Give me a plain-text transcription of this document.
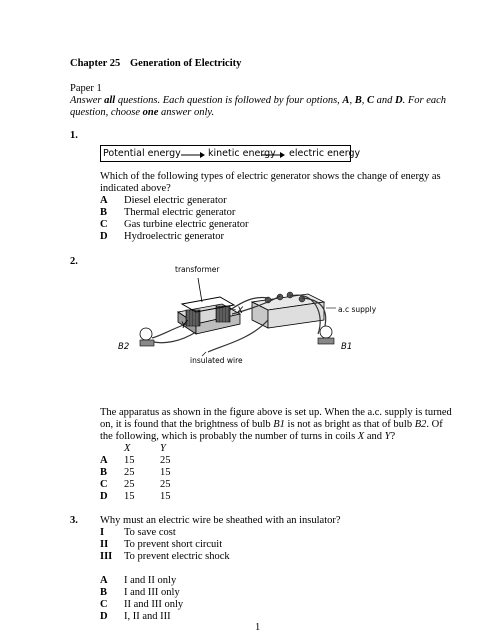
Chapter 25 Generation of Electricity
Paper 1
Answer all questions. Each question is followed by four options, A, B, C and D. For each
question, choose one answer only.
1.
Potential energy	kinetic energy electric energy
Which of the following types of electric generator shows the change of energy as
indicated above?
A Diesel electric generator
B Thermal electric generator
C Gas turbine electric generator
D Hydroelectric generator
2.
transformer
X
Y
a.c supply
B2	B1
insulated wire
The apparatus as shown in the figure above is set up. When the a.c. supply is turned
on, it is found that the brightness of bulb B1 is not as bright as that of bulb B2. Of
the following, which is probably the number of turns in coils X and Y?
X	Y
A 15 25
B 25 15
C 25 25
D 15 15
3. Why must an electric wire be sheathed with an insulator?
I To save cost
II To prevent short circuit
III To prevent electric shock
A I and II only
B I and III only
C II and III only
D I, II and III
1
